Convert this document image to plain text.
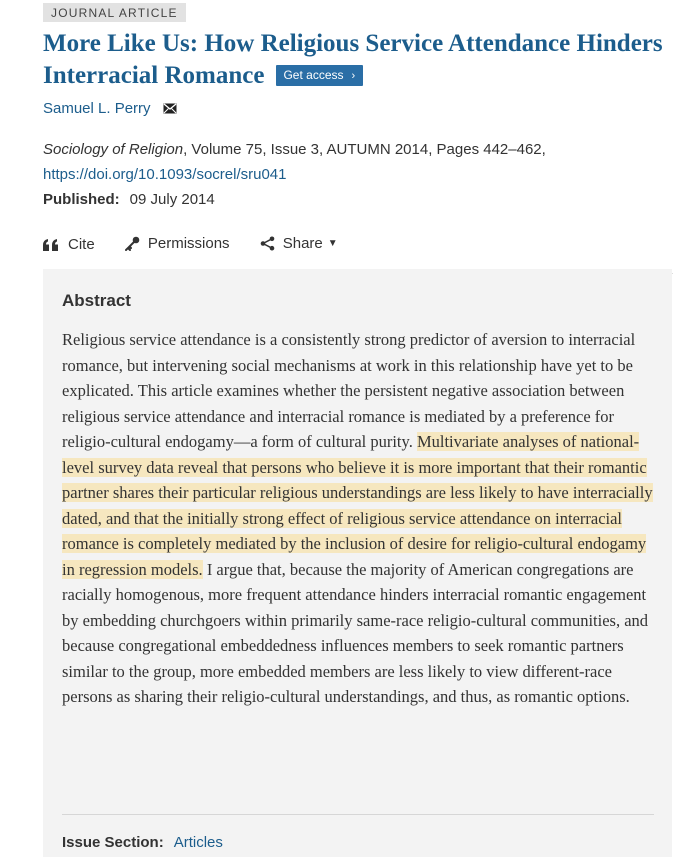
JOURNAL ARTICLE
More Like Us: How Religious Service Attendance Hinders Interracial Romance Get access ›
Samuel L. Perry
Sociology of Religion, Volume 75, Issue 3, AUTUMN 2014, Pages 442–462,
https://doi.org/10.1093/socrel/sru041
Published: 09 July 2014
Cite
	Permissions
	Share ▼
Abstract
Religious service attendance is a consistently strong predictor of aversion to interracial romance, but intervening social mechanisms at work in this relationship have yet to be explicated. This article examines whether the persistent negative association between religious service attendance and interracial romance is mediated by a preference for religio-cultural endogamy—a form of cultural purity. Multivariate analyses of national-level survey data reveal that persons who believe it is more important that their romantic partner shares their particular religious understandings are less likely to have interracially dated, and that the initially strong effect of religious service attendance on interracial romance is completely mediated by the inclusion of desire for religio-cultural endogamy in regression models. I argue that, because the majority of American congregations are racially homogenous, more frequent attendance hinders interracial romantic engagement by embedding churchgoers within primarily same-race religio-cultural communities, and because congregational embeddedness influences members to seek romantic partners similar to the group, more embedded members are less likely to view different-race persons as sharing their religio-cultural understandings, and thus, as romantic options.
Issue Section: Articles
